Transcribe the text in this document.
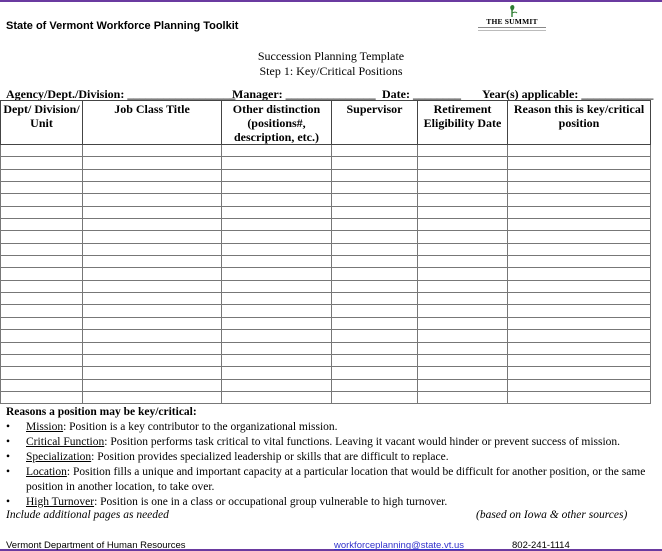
State of Vermont Workforce Planning Toolkit	THE SUMMIT
Succession Planning Template
Step 1: Key/Critical Positions
Agency/Dept./Division: __________________
Manager: _______________ Date: ________ Year(s) applicable: ____________
Dept/ Division/ Unit	Job Class Title	Other distinction (positions#, description, etc.)	Supervisor	Retirement Eligibility Date	Reason this is key/critical position

Reasons a position may be key/critical:
• Mission: Position is a key contributor to the organizational mission.
• Critical Function: Position performs task critical to vital functions. Leaving it vacant would hinder or prevent success of mission.
• Specialization: Position provides specialized leadership or skills that are difficult to replace.
• Location: Position fills a unique and important capacity at a particular location that would be difficult for another position, or the same position in another location, to take over.
• High Turnover: Position is one in a class or occupational group vulnerable to high turnover.
Include additional pages as needed	(based on Iowa & other sources)
Vermont Department of Human Resources	workforceplanning@state.vt.us	802-241-1114
